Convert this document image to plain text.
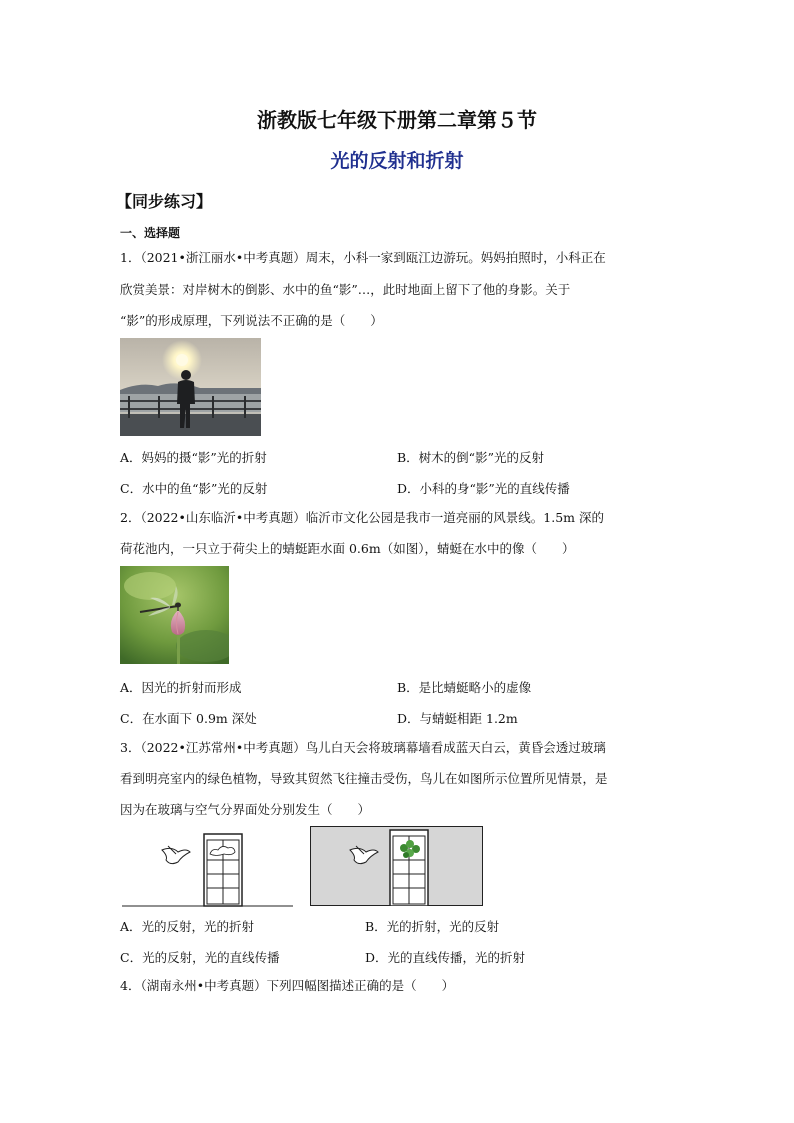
浙教版七年级下册第二章第５节
光的反射和折射
【同步练习】
一、选择题
1．（2021•浙江丽水•中考真题）周末，小科一家到瓯江边游玩。妈妈拍照时，小科正在
欣赏美景：对岸树木的倒影、水中的鱼“影”…，此时地面上留下了他的身影。关于
“影”的形成原理，下列说法不正确的是（　　）
A．妈妈的摄“影”光的折射	B．树木的倒“影”光的反射
C．水中的鱼“影”光的反射	D．小科的身“影”光的直线传播
2．（2022•山东临沂•中考真题）临沂市文化公园是我市一道亮丽的风景线。1.5m 深的
荷花池内，一只立于荷尖上的蜻蜓距水面 0.6m（如图），蜻蜓在水中的像（　　）
A．因光的折射而形成	B．是比蜻蜓略小的虚像
C．在水面下 0.9m 深处	D．与蜻蜓相距 1.2m
3．（2022•江苏常州•中考真题）鸟儿白天会将玻璃幕墙看成蓝天白云，黄昏会透过玻璃
看到明亮室内的绿色植物，导致其贸然飞往撞击受伤，鸟儿在如图所示位置所见情景，是
因为在玻璃与空气分界面处分别发生（　　）
A．光的反射，光的折射	B．光的折射，光的反射
C．光的反射，光的直线传播	D．光的直线传播，光的折射
4．（湖南永州•中考真题）下列四幅图描述正确的是（　　）
